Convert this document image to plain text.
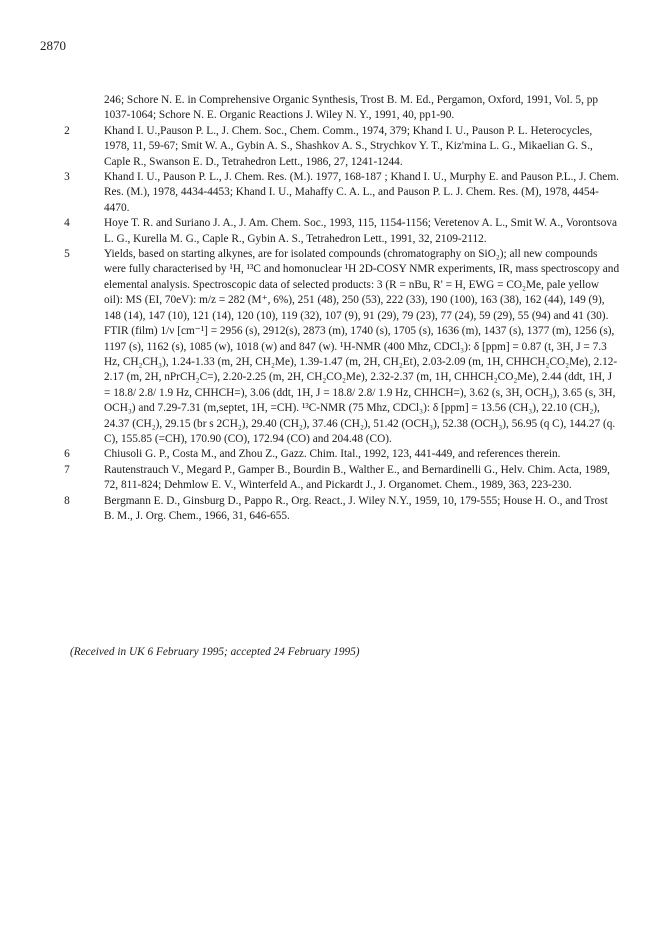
2870
246; Schore N. E. in Comprehensive Organic Synthesis, Trost B. M. Ed., Pergamon, Oxford, 1991, Vol. 5, pp 1037-1064; Schore N. E. Organic Reactions J. Wiley N. Y., 1991, 40, pp1-90.
2	Khand I. U.,Pauson P. L., J. Chem. Soc., Chem. Comm., 1974, 379; Khand I. U., Pauson P. L. Heterocycles, 1978, 11, 59-67; Smit W. A., Gybin A. S., Shashkov A. S., Strychkov Y. T., Kiz'mina L. G., Mikaelian G. S., Caple R., Swanson E. D., Tetrahedron Lett., 1986, 27, 1241-1244.
3	Khand I. U., Pauson P. L., J. Chem. Res. (M.). 1977, 168-187 ; Khand I. U., Murphy E. and Pauson P.L., J. Chem. Res. (M.), 1978, 4434-4453; Khand I. U., Mahaffy C. A. L., and Pauson P. L. J. Chem. Res. (M), 1978, 4454-4470.
4	Hoye T. R. and Suriano J. A., J. Am. Chem. Soc., 1993, 115, 1154-1156; Veretenov A. L., Smit W. A., Vorontsova L. G., Kurella M. G., Caple R., Gybin A. S., Tetrahedron Lett., 1991, 32, 2109-2112.
5	Yields, based on starting alkynes, are for isolated compounds (chromatography on SiO₂); all new compounds were fully characterised by ¹H, ¹³C and homonuclear ¹H 2D-COSY NMR experiments, IR, mass spectroscopy and elemental analysis. Spectroscopic data of selected products: 3 (R = nBu, R' = H, EWG = CO₂Me, pale yellow oil): MS (EI, 70eV): m/z = 282 (M⁺, 6%), 251 (48), 250 (53), 222 (33), 190 (100), 163 (38), 162 (44), 149 (9), 148 (14), 147 (10), 121 (14), 120 (10), 119 (32), 107 (9), 91 (29), 79 (23), 77 (24), 59 (29), 55 (94) and 41 (30). FTIR (film) 1/ν [cm⁻¹] = 2956 (s), 2912(s), 2873 (m), 1740 (s), 1705 (s), 1636 (m), 1437 (s), 1377 (m), 1256 (s), 1197 (s), 1162 (s), 1085 (w), 1018 (w) and 847 (w). ¹H-NMR (400 Mhz, CDCl₃): δ [ppm] = 0.87 (t, 3H, J = 7.3 Hz, CH₂CH₃), 1.24-1.33 (m, 2H, CH₂Me), 1.39-1.47 (m, 2H, CH₂Et), 2.03-2.09 (m, 1H, CHHCH₂CO₂Me), 2.12-2.17 (m, 2H, nPrCH₂C=), 2.20-2.25 (m, 2H, CH₂CO₂Me), 2.32-2.37 (m, 1H, CHHCH₂CO₂Me), 2.44 (ddt, 1H, J = 18.8/ 2.8/ 1.9 Hz, CHHCH=), 3.06 (ddt, 1H, J = 18.8/ 2.8/ 1.9 Hz, CHHCH=), 3.62 (s, 3H, OCH₃), 3.65 (s, 3H, OCH₃) and 7.29-7.31 (m,septet, 1H, =CH). ¹³C-NMR (75 Mhz, CDCl₃): δ [ppm] = 13.56 (CH₃), 22.10 (CH₂), 24.37 (CH₂), 29.15 (br s 2CH₂), 29.40 (CH₂), 37.46 (CH₂), 51.42 (OCH₃), 52.38 (OCH₃), 56.95 (q C), 144.27 (q. C), 155.85 (=CH), 170.90 (CO), 172.94 (CO) and 204.48 (CO).
6	Chiusoli G. P., Costa M., and Zhou Z., Gazz. Chim. Ital., 1992, 123, 441-449, and references therein.
7	Rautenstrauch V., Megard P., Gamper B., Bourdin B., Walther E., and Bernardinelli G., Helv. Chim. Acta, 1989, 72, 811-824; Dehmlow E. V., Winterfeld A., and Pickardt J., J. Organomet. Chem., 1989, 363, 223-230.
8	Bergmann E. D., Ginsburg D., Pappo R., Org. React., J. Wiley N.Y., 1959, 10, 179-555; House H. O., and Trost B. M., J. Org. Chem., 1966, 31, 646-655.
(Received in UK 6 February 1995; accepted 24 February 1995)
